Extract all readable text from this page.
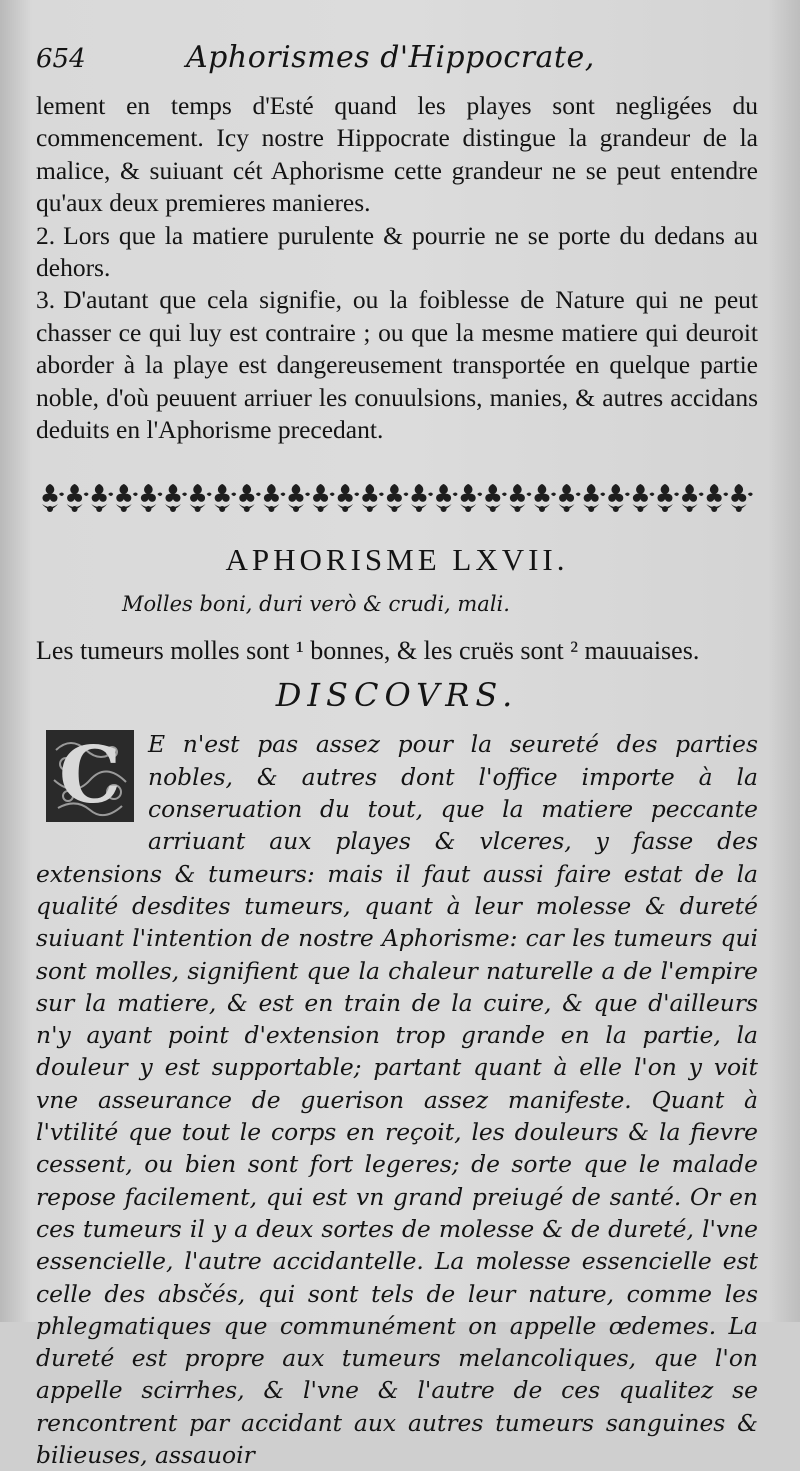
654	Aphorismes d'Hippocrate,

lement en temps d'Esté quand les playes sont negligées du commencement. Icy nostre Hippocrate distingue la grandeur de la malice, & suiuant cét Aphorisme cette grandeur ne se peut entendre qu'aux deux premieres manieres.

2. Lors que la matiere purulente & pourrie ne se porte du dedans au dehors.

3. D'autant que cela signifie, ou la foiblesse de Nature qui ne peut chasser ce qui luy est contraire ; ou que la mesme matiere qui deuroit aborder à la playe est dangereusement transportée en quelque partie noble, d'où peuuent arriuer les conuulsions, manies, & autres accidans deduits en l'Aphorisme precedant.

APHORISME LXVII.
Molles boni, duri verò & crudi, mali.

Les tumeurs molles sont ¹ bonnes, & les cruës sont ² mauuaises.

DISCOVRS.
C	E n'est pas assez pour la seureté des parties nobles, & autres dont l'office importe à la conseruation du tout, que la matiere peccante arriuant aux playes & vlceres, y fasse des extensions & tumeurs: mais il faut aussi faire estat de la qualité desdites tumeurs, quant à leur molesse & dureté suiuant l'intention de nostre Aphorisme: car les tumeurs qui sont molles, signifient que la chaleur naturelle a de l'empire sur la matiere, & est en train de la cuire, & que d'ailleurs n'y ayant point d'extension trop grande en la partie, la douleur y est supportable; partant quant à elle l'on y voit vne asseurance de guerison assez manifeste. Quant à l'vtilité que tout le corps en reçoit, les douleurs & la fievre cessent, ou bien sont fort legeres; de sorte que le malade repose facilement, qui est vn grand preiugé de santé. Or en ces tumeurs il y a deux sortes de molesse & de dureté, l'vne essencielle, l'autre accidantelle. La molesse essencielle est celle des absčés, qui sont tels de leur nature, comme les phlegmatiques que communément on appelle œdemes. La dureté est propre aux tumeurs melancoliques, que l'on appelle scirrhes, & l'vne & l'autre de ces qualitez se rencontrent par accidant aux autres tumeurs sanguines & bilieuses, assauoir
